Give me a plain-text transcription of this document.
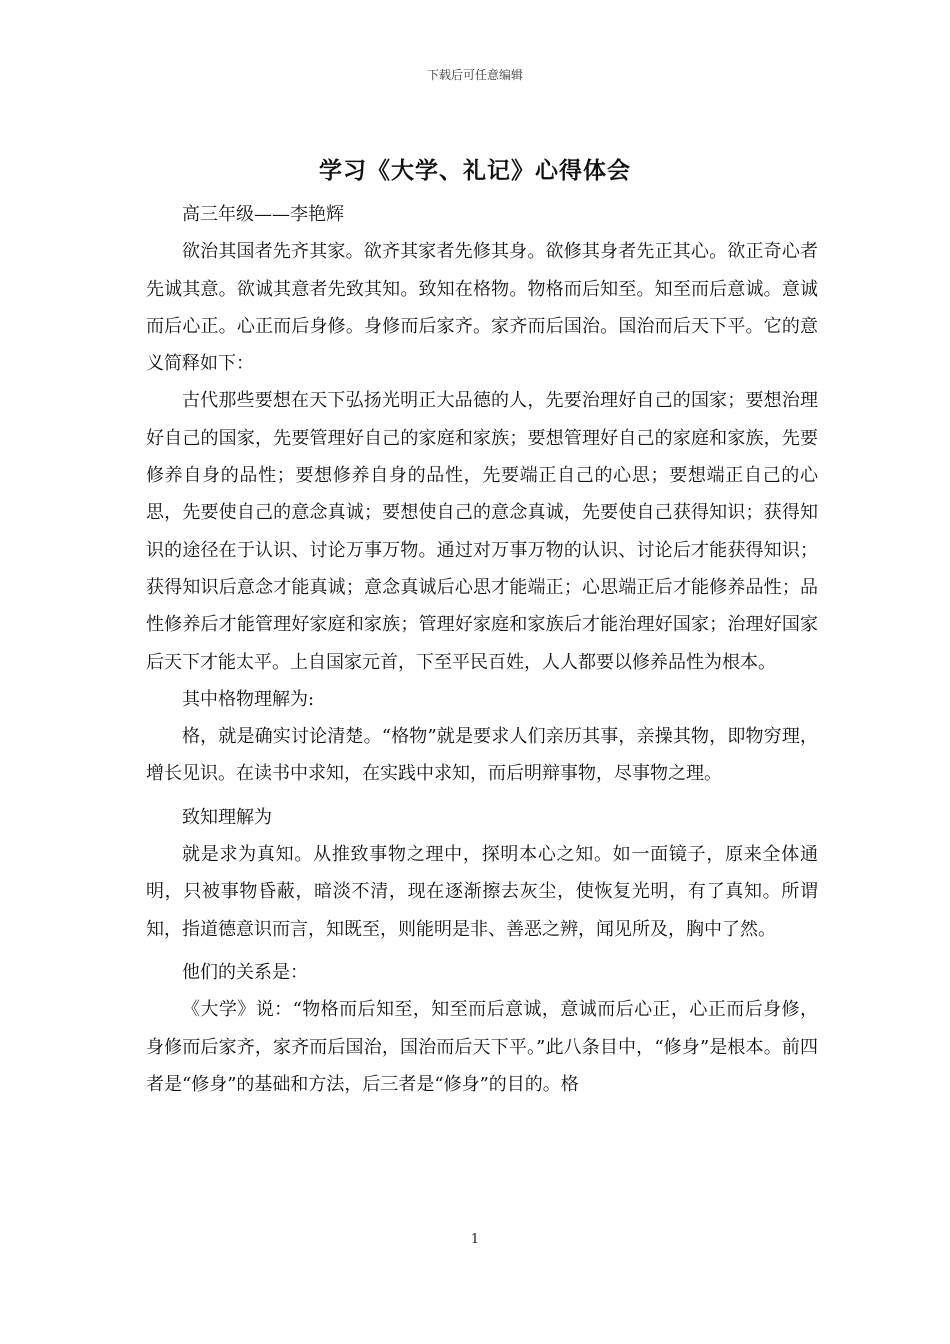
下载后可任意编辑
学习《大学、礼记》心得体会

高三年级——李艳辉

欲治其国者先齐其家。欲齐其家者先修其身。欲修其身者先正其心。欲正奇心者先诚其意。欲诚其意者先致其知。致知在格物。物格而后知至。知至而后意诚。意诚而后心正。心正而后身修。身修而后家齐。家齐而后国治。国治而后天下平。它的意义简释如下：

古代那些要想在天下弘扬光明正大品德的人，先要治理好自己的国家；要想治理好自己的国家，先要管理好自己的家庭和家族；要想管理好自己的家庭和家族，先要修养自身的品性；要想修养自身的品性，先要端正自己的心思；要想端正自己的心思，先要使自己的意念真诚；要想使自己的意念真诚，先要使自己获得知识；获得知识的途径在于认识、讨论万事万物。通过对万事万物的认识、讨论后才能获得知识；获得知识后意念才能真诚；意念真诚后心思才能端正；心思端正后才能修养品性；品性修养后才能管理好家庭和家族；管理好家庭和家族后才能治理好国家；治理好国家后天下才能太平。上自国家元首，下至平民百姓，人人都要以修养品性为根本。

其中格物理解为:

格，就是确实讨论清楚。“格物”就是要求人们亲历其事，亲操其物，即物穷理，增长见识。在读书中求知，在实践中求知，而后明辩事物，尽事物之理。

致知理解为

就是求为真知。从推致事物之理中，探明本心之知。如一面镜子，原来全体通明，只被事物昏蔽，暗淡不清，现在逐渐擦去灰尘，使恢复光明，有了真知。所谓知，指道德意识而言，知既至，则能明是非、善恶之辨，闻见所及，胸中了然。

他们的关系是：

《大学》说：“物格而后知至，知至而后意诚，意诚而后心正，心正而后身修，身修而后家齐，家齐而后国治，国治而后天下平。”此八条目中，“修身”是根本。前四者是“修身”的基础和方法，后三者是“修身”的目的。格

1
